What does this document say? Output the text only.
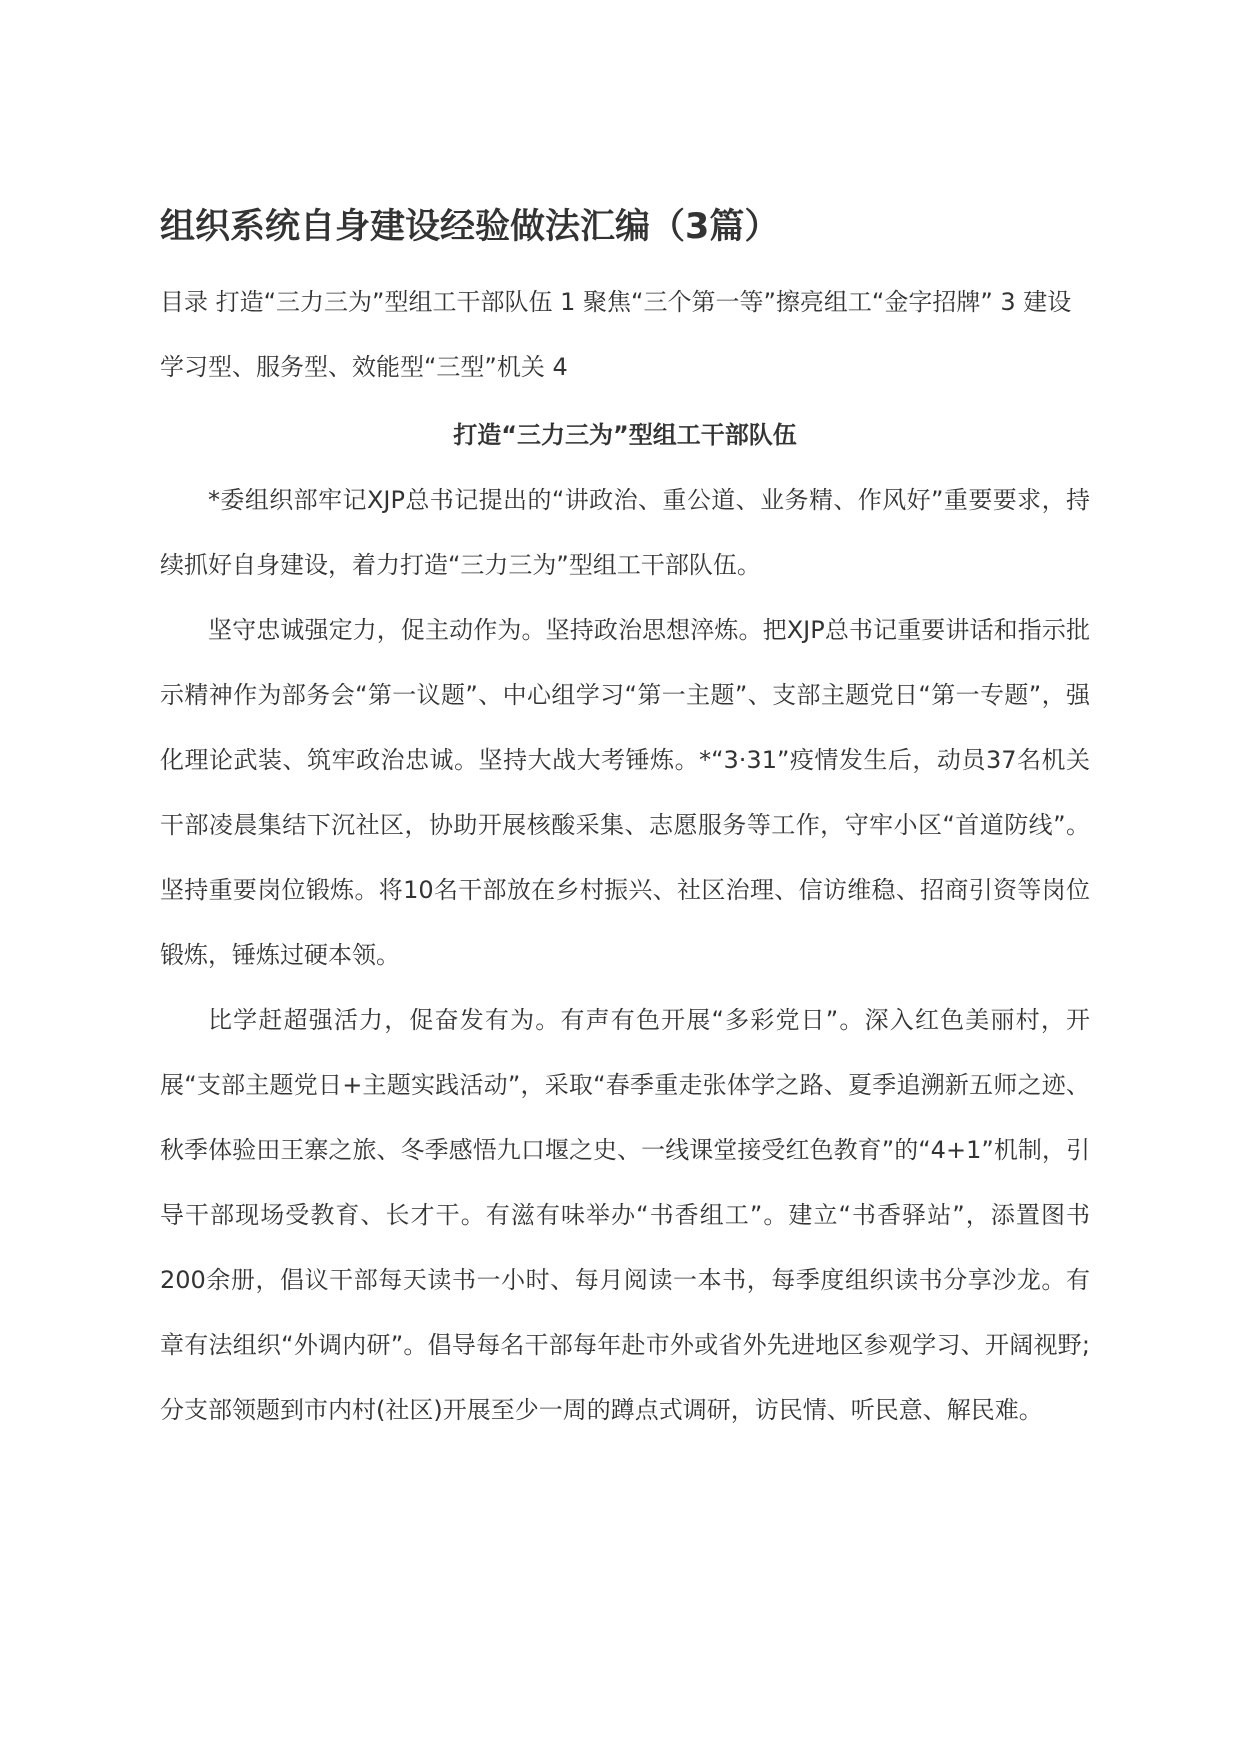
组织系统自身建设经验做法汇编（3篇）

目录 打造“三力三为”型组工干部队伍 1 聚焦“三个第一等”擦亮组工“金字招牌” 3 建设学习型、服务型、效能型“三型”机关 4

打造“三力三为”型组工干部队伍

*委组织部牢记XJP总书记提出的“讲政治、重公道、业务精、作风好”重要要求，持续抓好自身建设，着力打造“三力三为”型组工干部队伍。

坚守忠诚强定力，促主动作为。坚持政治思想淬炼。把XJP总书记重要讲话和指示批示精神作为部务会“第一议题”、中心组学习“第一主题”、支部主题党日“第一专题”，强化理论武装、筑牢政治忠诚。坚持大战大考锤炼。*“3·31”疫情发生后，动员37名机关干部凌晨集结下沉社区，协助开展核酸采集、志愿服务等工作，守牢小区“首道防线”。坚持重要岗位锻炼。将10名干部放在乡村振兴、社区治理、信访维稳、招商引资等岗位锻炼，锤炼过硬本领。

比学赶超强活力，促奋发有为。有声有色开展“多彩党日”。深入红色美丽村，开展“支部主题党日+主题实践活动”，采取“春季重走张体学之路、夏季追溯新五师之迹、秋季体验田王寨之旅、冬季感悟九口堰之史、一线课堂接受红色教育”的“4+1”机制，引导干部现场受教育、长才干。有滋有味举办“书香组工”。建立“书香驿站”，添置图书200余册，倡议干部每天读书一小时、每月阅读一本书，每季度组织读书分享沙龙。有章有法组织“外调内研”。倡导每名干部每年赴市外或省外先进地区参观学习、开阔视野;分支部领题到市内村(社区)开展至少一周的蹲点式调研，访民情、听民意、解民难。
